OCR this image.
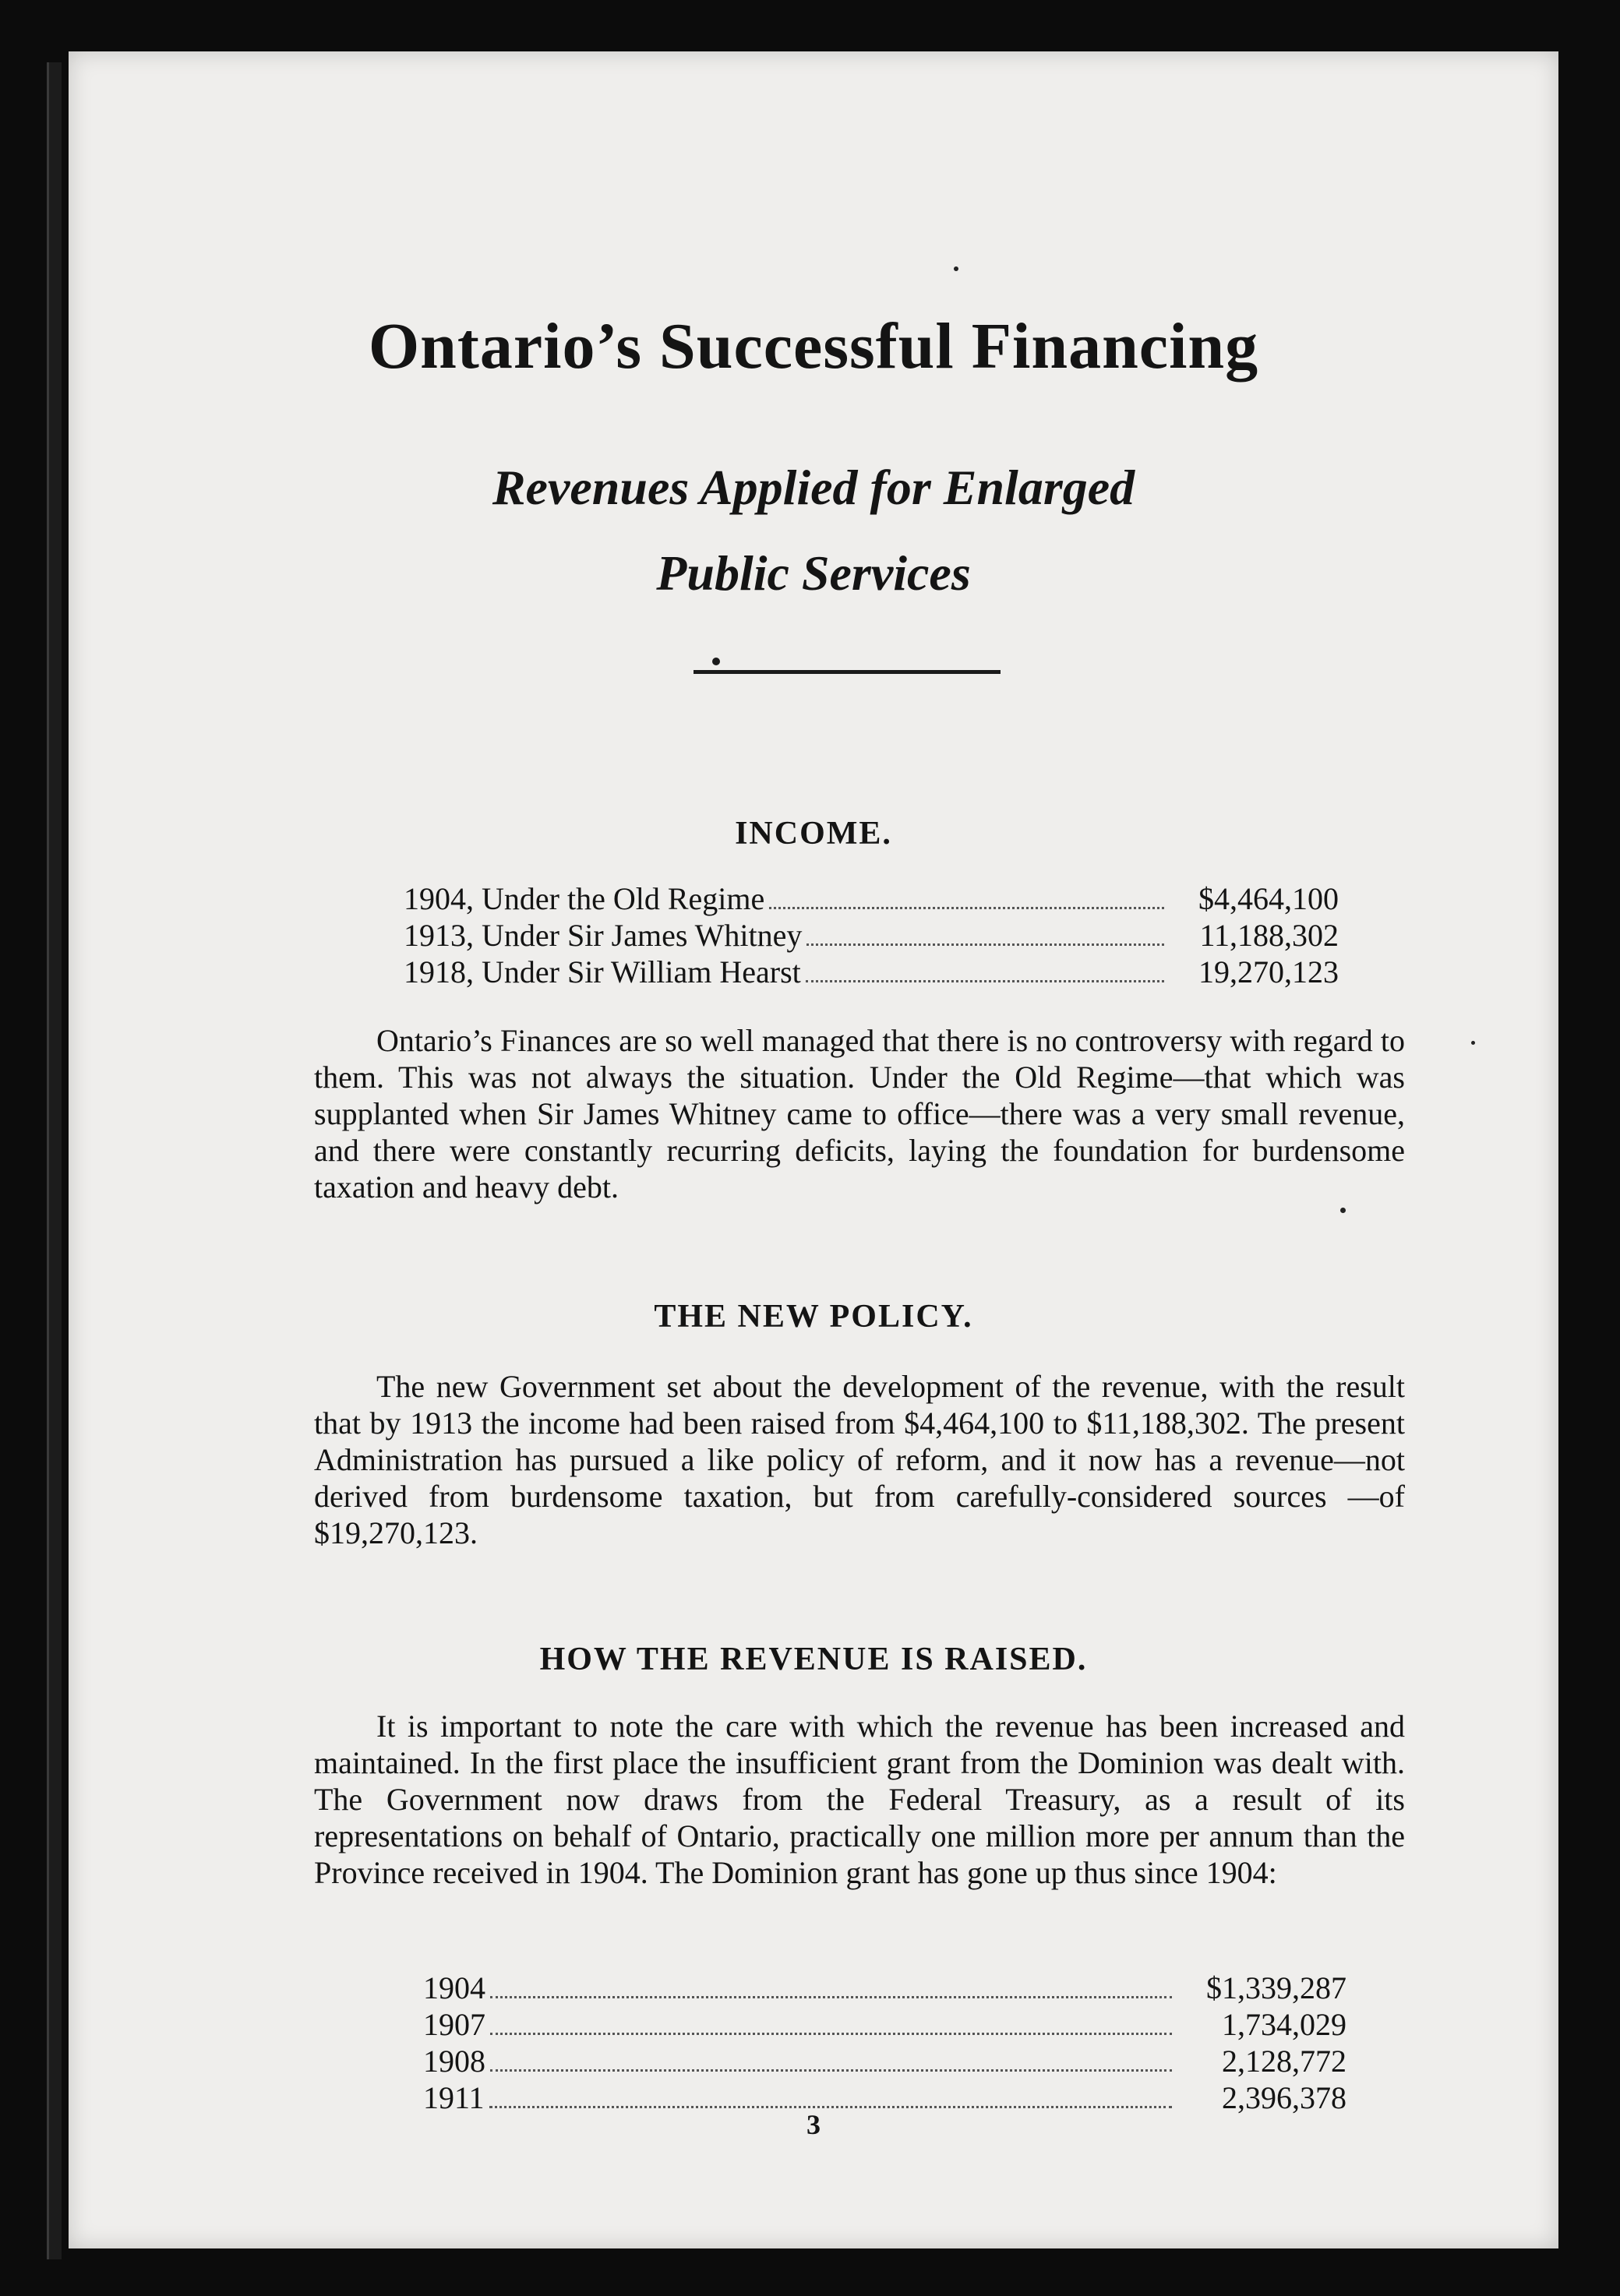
Ontario’s Successful Financing
Revenues Applied for Enlarged
Public Services
INCOME.
1904, Under the Old Regime	$4,464,100
1913, Under Sir James Whitney	11,188,302
1918, Under Sir William Hearst	19,270,123

Ontario’s Finances are so well managed that there is no controversy with regard to them. This was not always the situation. Under the Old Regime—that which was supplanted when Sir James Whitney came to office—there was a very small revenue, and there were constantly recurring deficits, laying the foundation for burdensome taxation and heavy debt.

THE NEW POLICY.

The new Government set about the development of the revenue, with the result that by 1913 the income had been raised from $4,464,100 to $11,188,302. The present Administration has pursued a like policy of reform, and it now has a revenue—not derived from burdensome taxation, but from carefully-considered sources —of $19,270,123.

HOW THE REVENUE IS RAISED.

It is important to note the care with which the revenue has been increased and maintained. In the first place the insufficient grant from the Dominion was dealt with. The Government now draws from the Federal Treasury, as a result of its representations on behalf of Ontario, practically one million more per annum than the Province received in 1904. The Dominion grant has gone up thus since 1904:

1904	$1,339,287
1907	1,734,029
1908	2,128,772
1911	2,396,378
3
